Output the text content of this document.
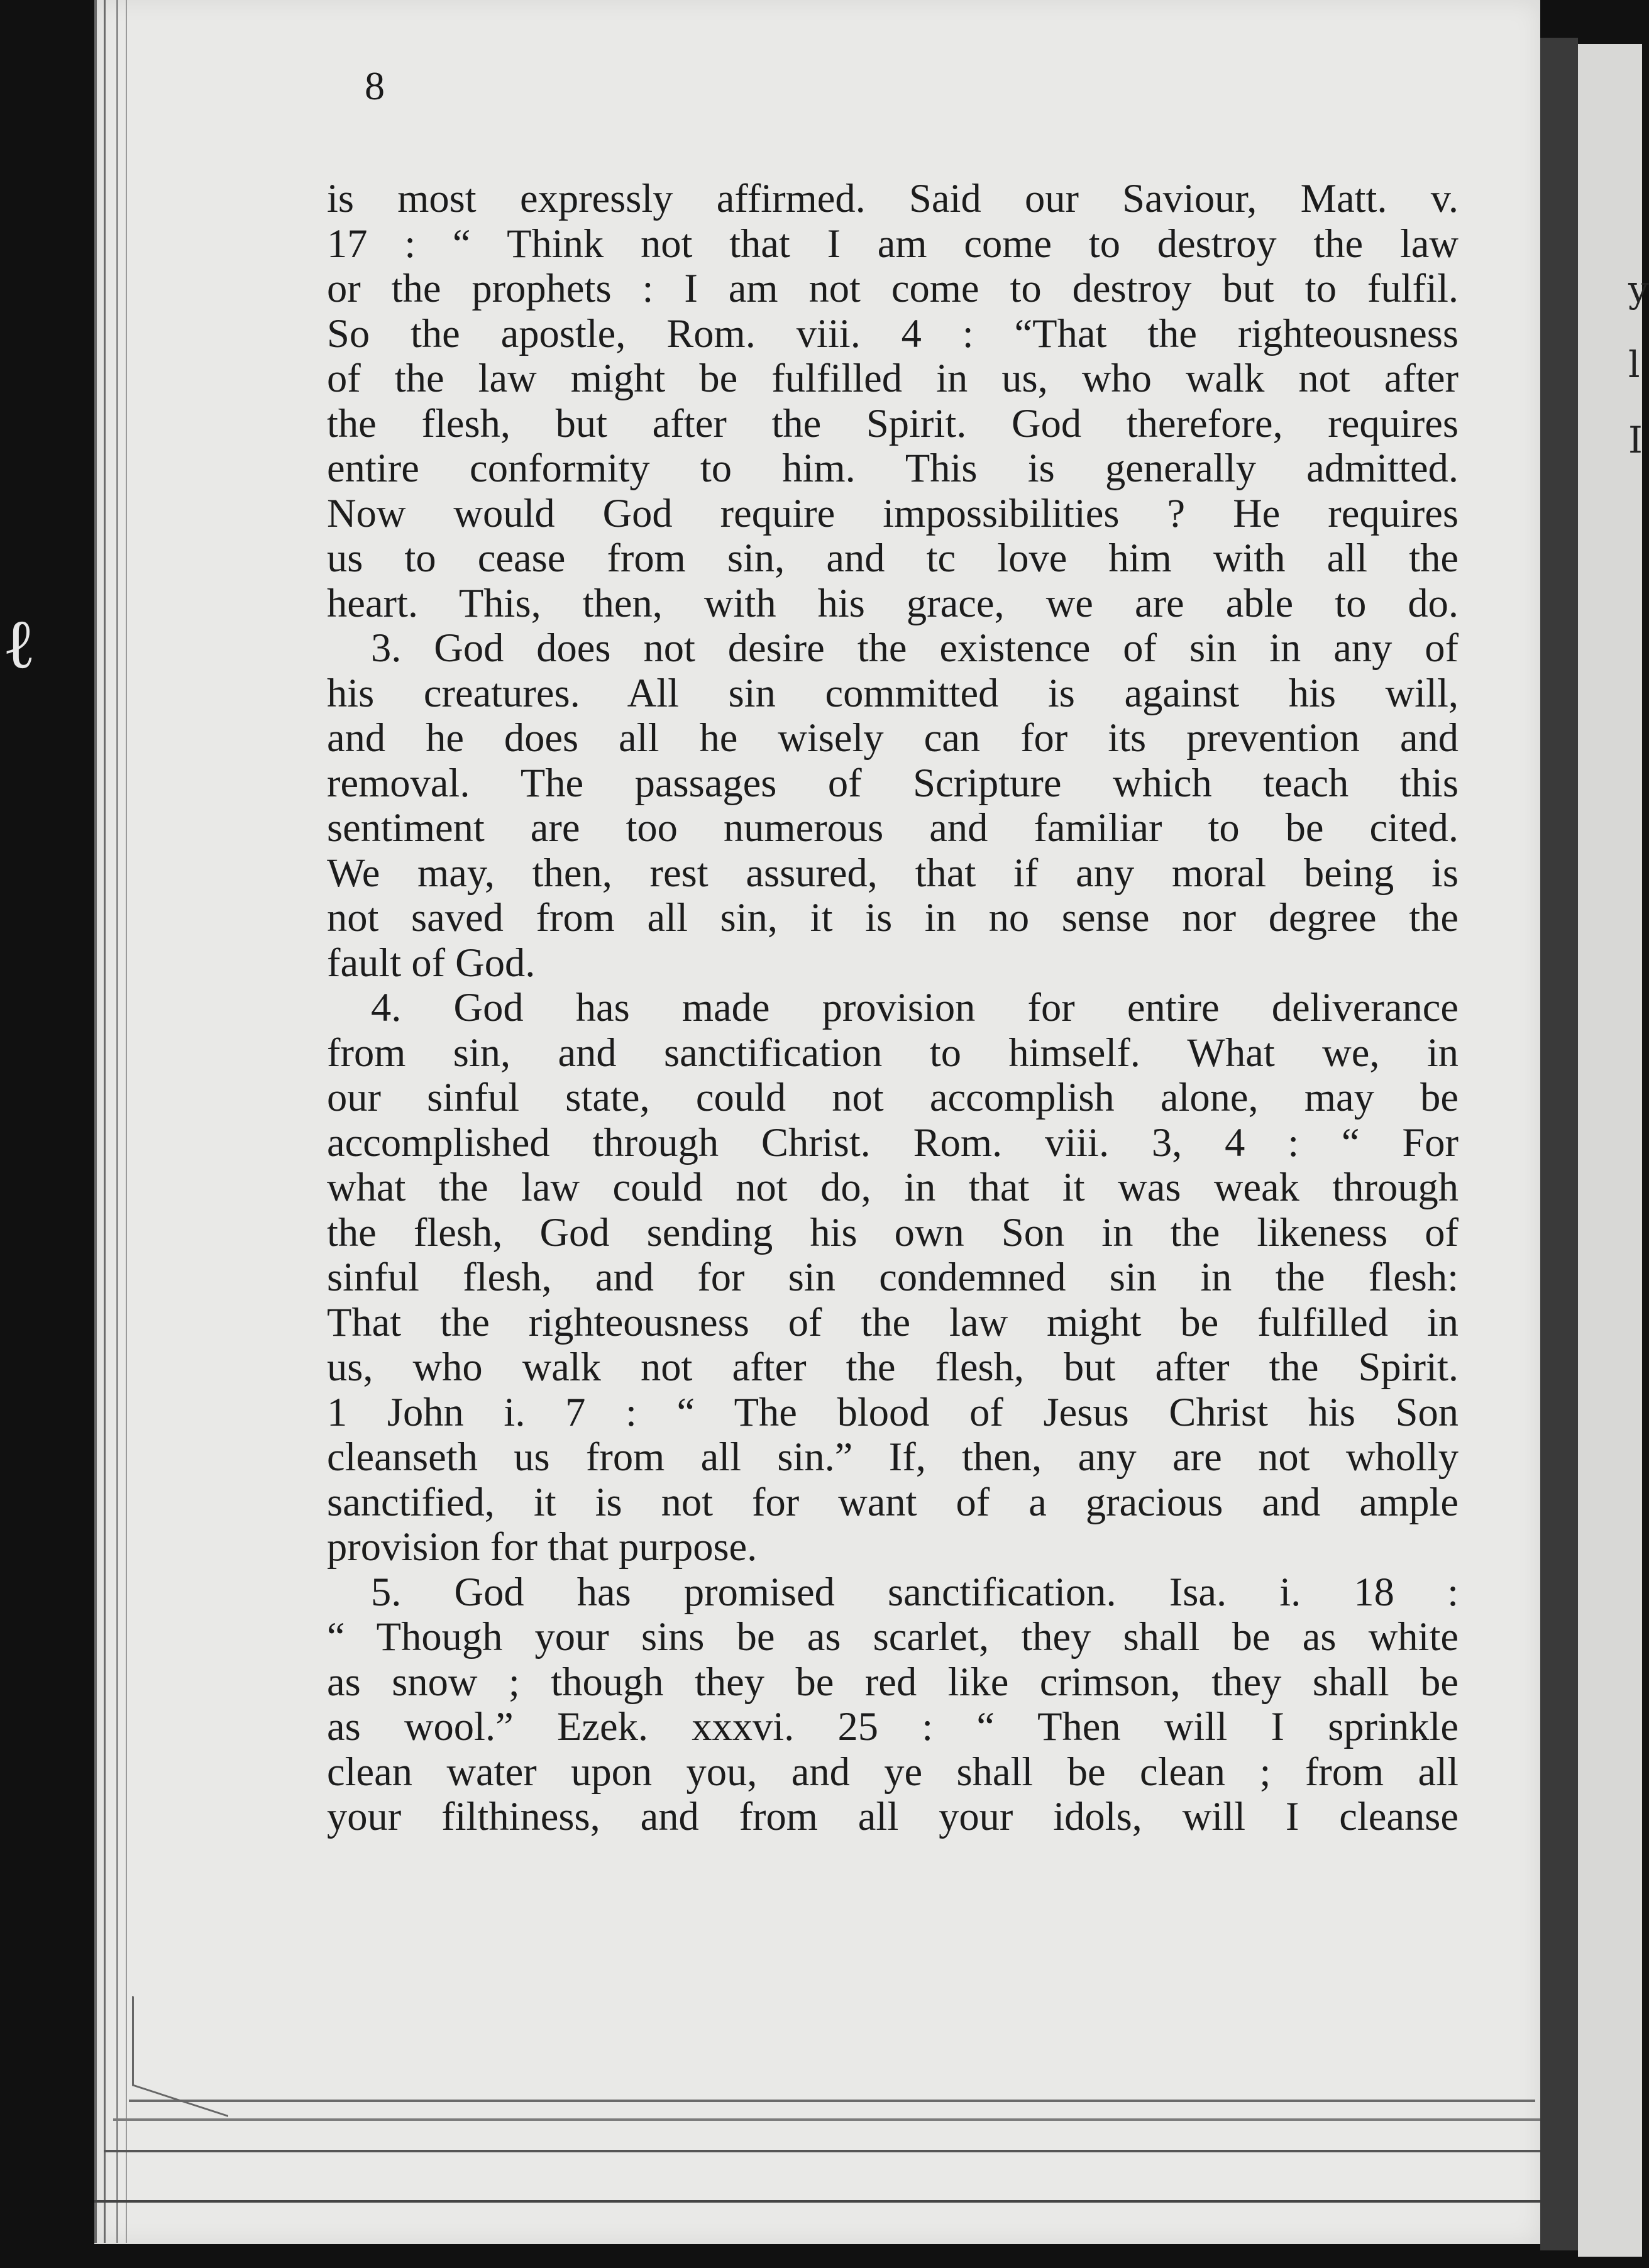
ℓ
y
l
I
8
is most expressly affirmed. Said our Saviour, Matt. v.
17 : “ Think not that I am come to destroy the law
or the prophets : I am not come to destroy but to fulfil.
So the apostle, Rom. viii. 4 : “That the righteousness
of the law might be fulfilled in us, who walk not after
the flesh, but after the Spirit. God therefore, requires
entire conformity to him. This is generally admitted.
Now would God require impossibilities ? He requires
us to cease from sin, and tc love him with all the
heart. This, then, with his grace, we are able to do.
3. God does not desire the existence of sin in any of
his creatures. All sin committed is against his will,
and he does all he wisely can for its prevention and
removal. The passages of Scripture which teach this
sentiment are too numerous and familiar to be cited.
We may, then, rest assured, that if any moral being is
not saved from all sin, it is in no sense nor degree the
fault of God.
4. God has made provision for entire deliverance
from sin, and sanctification to himself. What we, in
our sinful state, could not accomplish alone, may be
accomplished through Christ. Rom. viii. 3, 4 : “ For
what the law could not do, in that it was weak through
the flesh, God sending his own Son in the likeness of
sinful flesh, and for sin condemned sin in the flesh:
That the righteousness of the law might be fulfilled in
us, who walk not after the flesh, but after the Spirit.
1 John i. 7 : “ The blood of Jesus Christ his Son
cleanseth us from all sin.” If, then, any are not wholly
sanctified, it is not for want of a gracious and ample
provision for that purpose.
5. God has promised sanctification. Isa. i. 18 :
“ Though your sins be as scarlet, they shall be as white
as snow ; though they be red like crimson, they shall be
as wool.” Ezek. xxxvi. 25 : “ Then will I sprinkle
clean water upon you, and ye shall be clean ; from all
your filthiness, and from all your idols, will I cleanse
